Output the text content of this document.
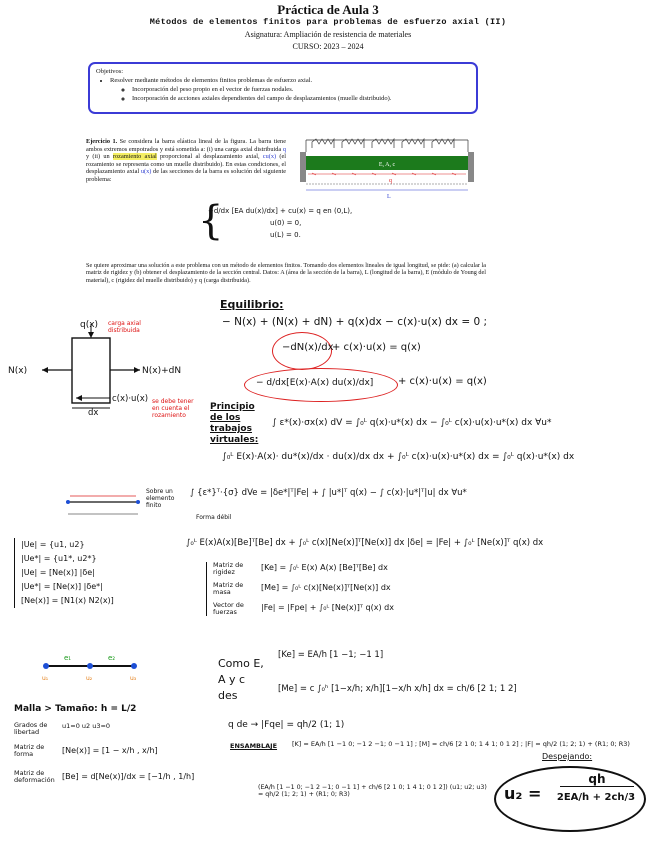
Práctica de Aula 3
Métodos de elementos finitos para problemas de esfuerzo axial (II)
Asignatura: Ampliación de resistencia de materiales
CURSO: 2023 – 2024
Objetivos:
• Resolver mediante métodos de elementos finitos problemas de esfuerzo axial.
◦ Incorporación del peso propio en el vector de fuerzas nodales.
◦ Incorporación de acciones axiales dependientes del campo de desplazamientos (muelle distribuido).
Ejercicio 1. Se considera la barra elástica lineal de la figura. La barra tiene ambos extremos empotrados y está sometida a: (i) una carga axial distribuida q y (ii) un rozamiento axial proporcional al desplazamiento axial, cu(x) (el rozamiento se representa como un muelle distribuido). En estas condiciones, el desplazamiento axial u(x) de las secciones de la barra es solución del siguiente problema:
E, A, c
q
L
{
−d/dx [EA du(x)/dx] + cu(x) = q en (0,L),
u(0) = 0,
u(L) = 0.
Se quiere aproximar una solución a este problema con un método de elementos finitos. Tomando dos elementos lineales de igual longitud, se pide: (a) calcular la matriz de rigidez y (b) obtener el desplazamiento de la sección central. Datos: A (área de la sección de la barra), L (longitud de la barra), E (módulo de Young del material), c (rigidez del muelle distribuido) y q (carga distribuida).
Equilibrio:
− N(x) + (N(x) + dN) + q(x)dx − c(x)·u(x) dx = 0 ;
N(x)	N(x)+dN
q(x) carga axial distribuida
c(x)·u(x)
dx
se debe tener en cuenta el rozamiento
−dN(x)/dx
+ c(x)·u(x) = q(x)
− d/dx[E(x)·A(x) du(x)/dx] + c(x)·u(x) = q(x)
Principio de los trabajos virtuales:
∫ ε*(x)·σx(x) dV = ∫₀ᴸ q(x)·u*(x) dx − ∫₀ᴸ c(x)·u(x)·u*(x) dx ∀u*
∫₀ᴸ E(x)·A(x)· du*(x)/dx · du(x)/dx dx + ∫₀ᴸ c(x)·u(x)·u*(x) dx = ∫₀ᴸ q(x)·u*(x) dx
Sobre un elemento finito
∫ {ε*}ᵀ·{σ} dVe = |δe*|ᵀ|Fe| + ∫ |u*|ᵀ q(x) − ∫ c(x)·|u*|ᵀ|u| dx ∀u*
Forma débil
|Ue| = {u1, u2}
|Ue*| = {u1*, u2*}
|Ue| = [Ne(x)] |δe|
|Ue*| = [Ne(x)] |δe*|
[Ne(x)] = [N1(x) N2(x)]
∫₀ᴸ E(x)A(x)[Be]ᵀ[Be] dx + ∫₀ᴸ c(x)[Ne(x)]ᵀ[Ne(x)] dx |δe| = |Fe| + ∫₀ᴸ [Ne(x)]ᵀ q(x) dx
Matriz de rigidez	[Ke] = ∫₀ᴸ E(x) A(x) [Be]ᵀ[Be] dx
Matriz de masa	[Me] = ∫₀ᴸ c(x)[Ne(x)]ᵀ[Ne(x)] dx
Vector de fuerzas	|Fe| = |Fpe| + ∫₀ᴸ [Ne(x)]ᵀ q(x) dx
e₁	e₂
u₁	u₂	u₃
Malla > Tamaño: h = L/2
Grados de libertad
u1=0 u2 u3=0
Matriz de forma	[Ne(x)] = [1 − x/h , x/h]
Matriz de deformación [Be] = d[Ne(x)]/dx = [−1/h , 1/h]
Como E, A y c des
[Ke] = EA/h [1 −1; −1 1]
[Me] = c ∫₀ʰ [1−x/h; x/h][1−x/h x/h] dx = ch/6 [2 1; 1 2]
q de → |Fqe| = qh/2 (1; 1)
ENSAMBLAJE [K] = EA/h [1 −1 0; −1 2 −1; 0 −1 1] ; [M] = ch/6 [2 1 0; 1 4 1; 0 1 2] ; |F| = qh/2 (1; 2; 1) + (R1; 0; R3)
(EA/h [1 −1 0; −1 2 −1; 0 −1 1] + ch/6 [2 1 0; 1 4 1; 0 1 2]) (u1; u2; u3) = qh/2 (1; 2; 1) + (R1; 0; R3)
Despejando:
u₂ =
qh
2EA/h + 2ch/3
